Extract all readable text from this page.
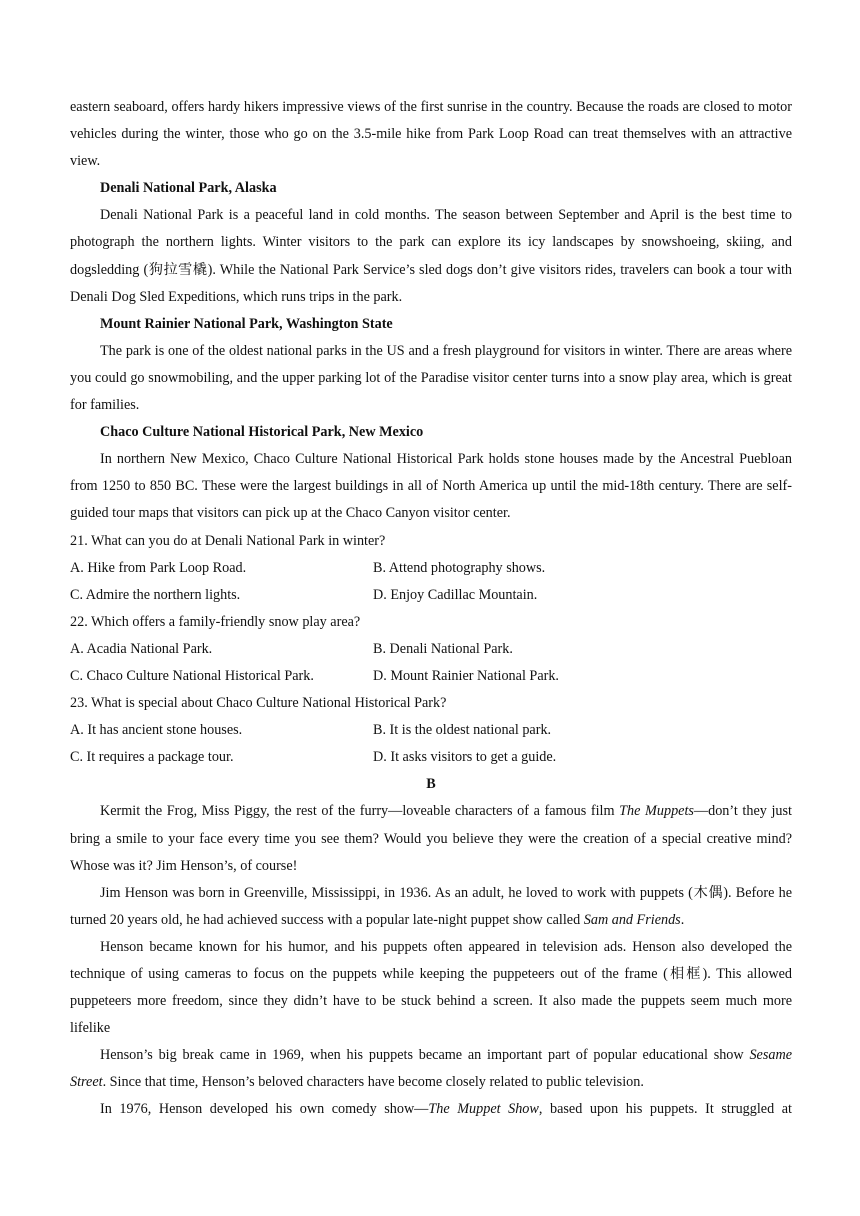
eastern seaboard, offers hardy hikers impressive views of the first sunrise in the country. Because the roads are closed to motor vehicles during the winter, those who go on the 3.5-mile hike from Park Loop Road can treat themselves with an attractive view.

Denali National Park, Alaska

Denali National Park is a peaceful land in cold months. The season between September and April is the best time to photograph the northern lights. Winter visitors to the park can explore its icy landscapes by snowshoeing, skiing, and dogsledding (狗拉雪橇). While the National Park Service’s sled dogs don’t give visitors rides, travelers can book a tour with Denali Dog Sled Expeditions, which runs trips in the park.

Mount Rainier National Park, Washington State

The park is one of the oldest national parks in the US and a fresh playground for visitors in winter. There are areas where you could go snowmobiling, and the upper parking lot of the Paradise visitor center turns into a snow play area, which is great for families.

Chaco Culture National Historical Park, New Mexico

In northern New Mexico, Chaco Culture National Historical Park holds stone houses made by the Ancestral Puebloan from 1250 to 850 BC. These were the largest buildings in all of North America up until the mid-18th century. There are self-guided tour maps that visitors can pick up at the Chaco Canyon visitor center.

21. What can you do at Denali National Park in winter?

A. Hike from Park Loop Road.	B. Attend photography shows.
C. Admire the northern lights.	D. Enjoy Cadillac Mountain.

22. Which offers a family-friendly snow play area?

A. Acadia National Park.	B. Denali National Park.
C. Chaco Culture National Historical Park.	D. Mount Rainier National Park.

23. What is special about Chaco Culture National Historical Park?

A. It has ancient stone houses.	B. It is the oldest national park.
C. It requires a package tour.	D. It asks visitors to get a guide.

B

Kermit the Frog, Miss Piggy, the rest of the furry—loveable characters of a famous film The Muppets—don’t they just bring a smile to your face every time you see them? Would you believe they were the creation of a special creative mind? Whose was it? Jim Henson’s, of course!

Jim Henson was born in Greenville, Mississippi, in 1936. As an adult, he loved to work with puppets (木偶). Before he turned 20 years old, he had achieved success with a popular late-night puppet show called Sam and Friends.

Henson became known for his humor, and his puppets often appeared in television ads. Henson also developed the technique of using cameras to focus on the puppets while keeping the puppeteers out of the frame (相框). This allowed puppeteers more freedom, since they didn’t have to be stuck behind a screen. It also made the puppets seem much more lifelike

Henson’s big break came in 1969, when his puppets became an important part of popular educational show Sesame Street. Since that time, Henson’s beloved characters have become closely related to public television.

In 1976, Henson developed his own comedy show—The Muppet Show, based upon his puppets. It struggled at
